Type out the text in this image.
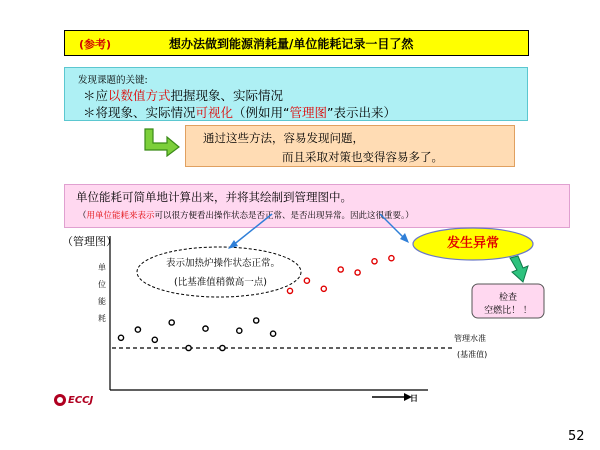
(参考)	想办法做到能源消耗量/单位能耗记录一目了然
发现课题的关键:
＊应以数值方式把握现象、实际情况
＊将现象、实际情况可视化（例如用“管理图”表示出来）
通过这些方法，容易发现问题，
而且采取对策也变得容易多了。
单位能耗可简单地计算出来，并将其绘制到管理图中。
（用单位能耗来表示可以很方便看出操作状态是否正常、是否出现异常。因此这很重要。）
（管理图）
单
位
能
耗
表示加热炉操作状态正常。
(比基准值稍微高一点)
发生异常
检查
空燃比！ ！
管理水准
(基准值)
日
ECCJ
52
